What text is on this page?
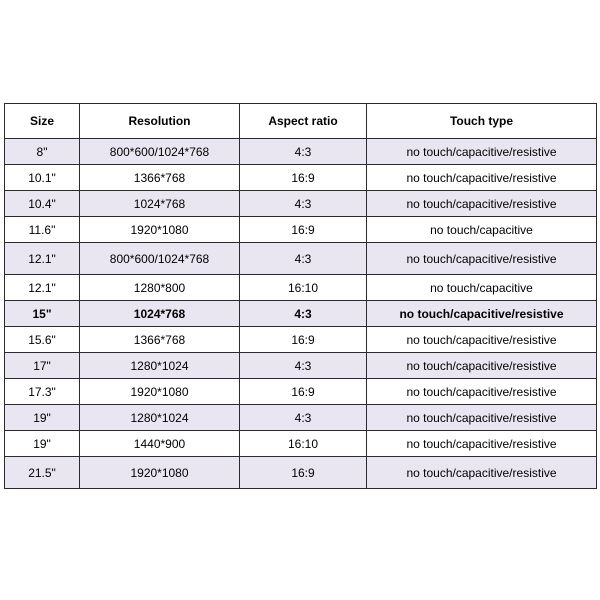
Size	Resolution	Aspect ratio	Touch type
8"	800*600/1024*768	4:3	no touch/capacitive/resistive
10.1"	1366*768	16:9	no touch/capacitive/resistive
10.4"	1024*768	4:3	no touch/capacitive/resistive
11.6"	1920*1080	16:9	no touch/capacitive
12.1"	800*600/1024*768	4:3	no touch/capacitive/resistive
12.1"	1280*800	16:10	no touch/capacitive
15"	1024*768	4:3	no touch/capacitive/resistive
15.6"	1366*768	16:9	no touch/capacitive/resistive
17"	1280*1024	4:3	no touch/capacitive/resistive
17.3"	1920*1080	16:9	no touch/capacitive/resistive
19"	1280*1024	4:3	no touch/capacitive/resistive
19"	1440*900	16:10	no touch/capacitive/resistive
21.5"	1920*1080	16:9	no touch/capacitive/resistive
